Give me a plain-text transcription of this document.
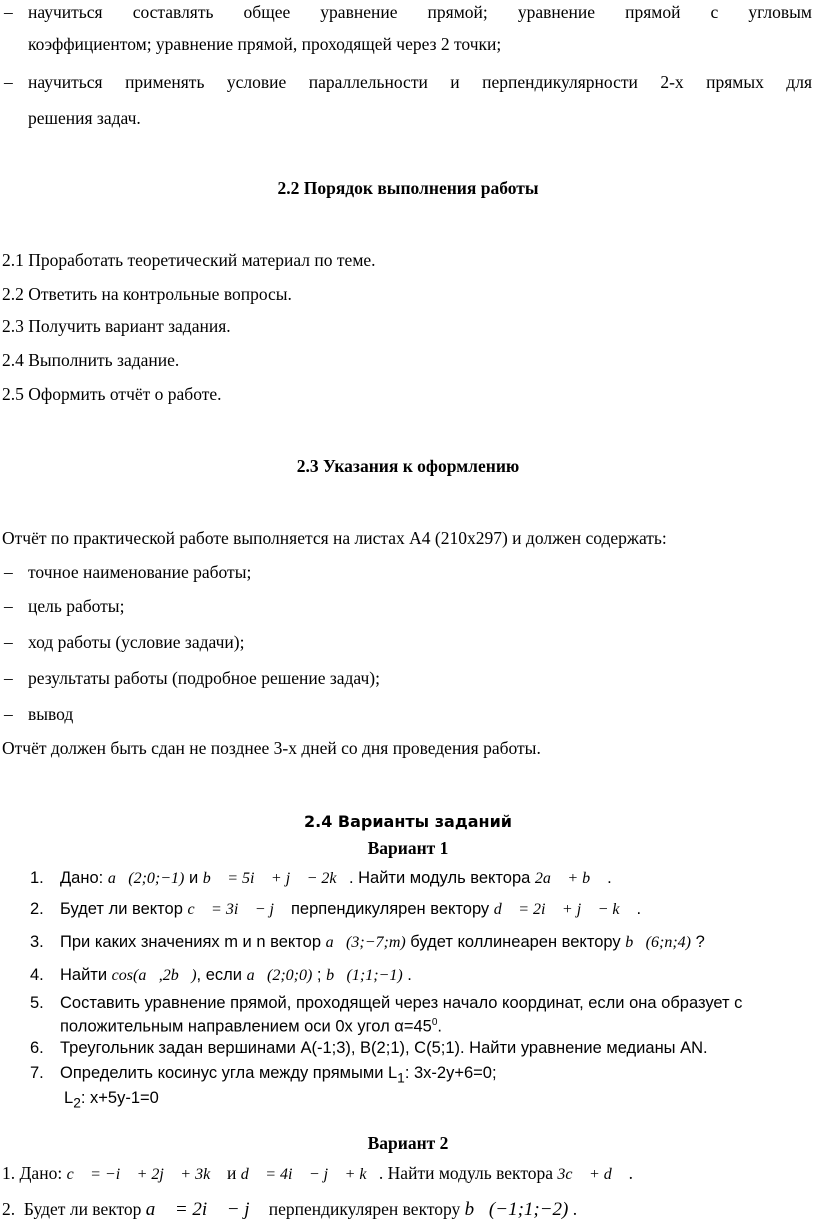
– научиться составлять общее уравнение прямой; уравнение прямой с угловым
коэффициентом; уравнение прямой, проходящей через 2 точки;
– научиться применять условие параллельности и перпендикулярности 2-х прямых для
решения задач.
2.2 Порядок выполнения работы
2.1 Проработать теоретический материал по теме.
2.2 Ответить на контрольные вопросы.
2.3 Получить вариант задания.
2.4 Выполнить задание.
2.5 Оформить отчёт о работе.
2.3 Указания к оформлению
Отчёт по практической работе выполняется на листах А4 (210х297) и должен содержать:
– точное наименование работы;
– цель работы;
– ход работы (условие задачи);
– результаты работы (подробное решение задач);
– вывод
Отчёт должен быть сдан не позднее 3-х дней со дня проведения работы.
2.4 Варианты заданий
Вариант 1
1. Дано: a⃗(2;0;−1) и b⃗ = 5i⃗ + j⃗ − 2k⃗. Найти модуль вектора 2a⃗ + b⃗ .
2. Будет ли вектор c⃗ = 3i⃗ − j⃗ перпендикулярен вектору d⃗ = 2i⃗ + j⃗ − k⃗ .
3. При каких значениях m и n вектор a⃗(3;−7;m) будет коллинеарен вектору b⃗(6;n;4) ?
4. Найти cos(a⃗,2b⃗), если a⃗(2;0;0) ; b⃗(1;1;−1) .
5. Составить уравнение прямой, проходящей через начало координат, если она образует с
положительным направлением оси 0х угол $\alpha=45^0$.
6. Треугольник задан вершинами А(-1;3), В(2;1), С(5;1). Найти уравнение медианы АN.
7. Определить косинус угла между прямыми $L_1$: 3x-2y+6=0;
$L_2$: x+5y-1=0
Вариант 2
1. Дано: c⃗ = −i⃗ + 2j⃗ + 3k⃗ и d⃗ = 4i⃗ − j⃗ + k⃗. Найти модуль вектора 3c⃗ + d⃗ .
2.  Будет ли вектор a⃗ = 2i⃗ − j⃗ перпендикулярен вектору b⃗(−1;1;−2) .
